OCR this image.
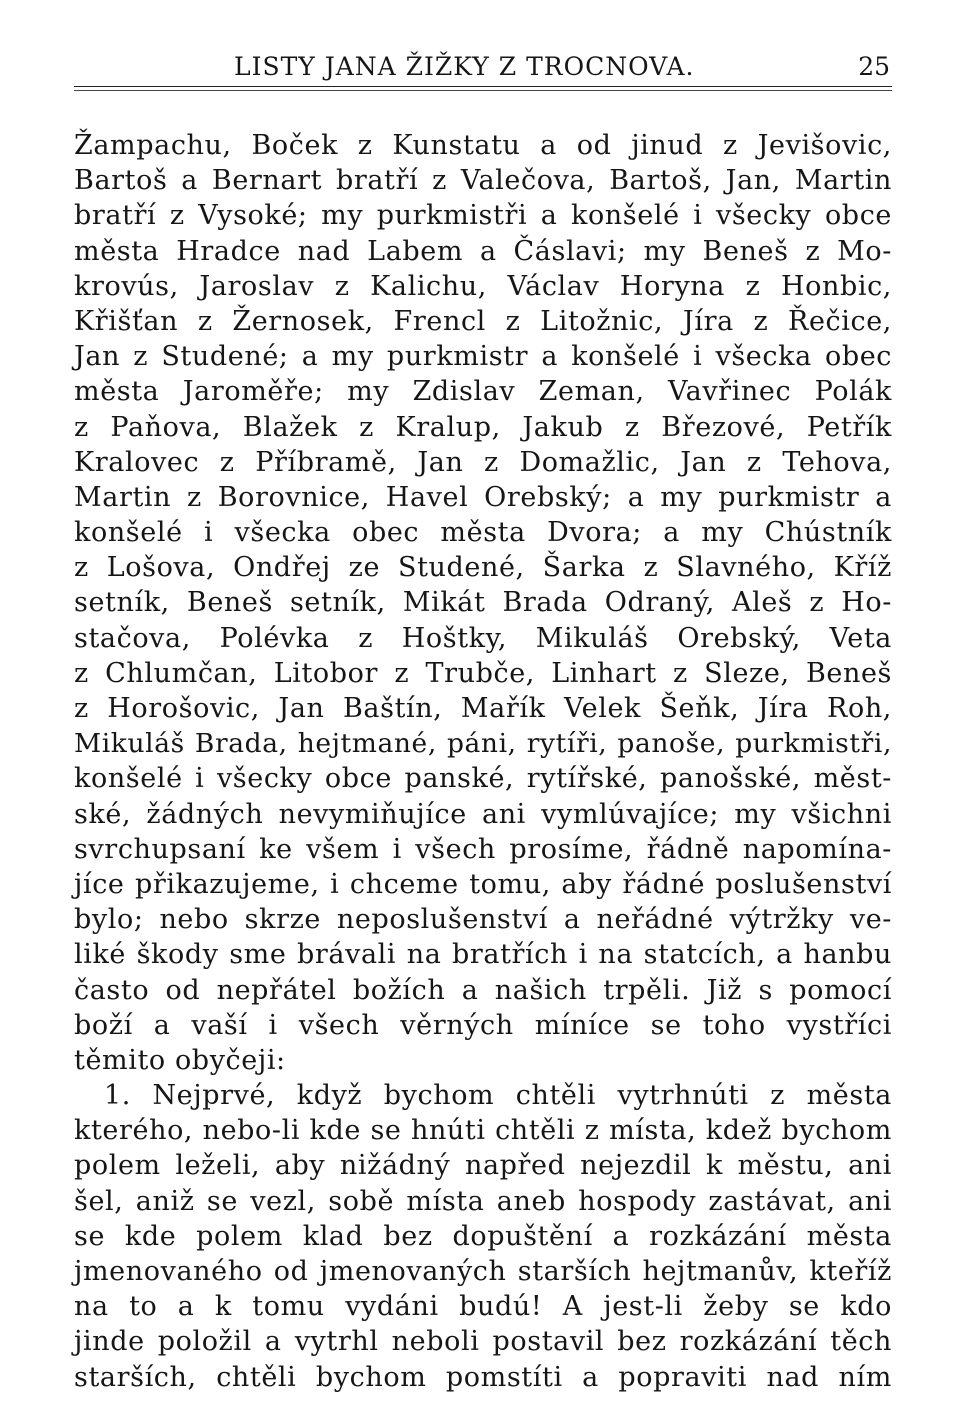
LISTY JANA ŽIŽKY Z TROCNOVA.	25
Žampachu, Boček z Kunstatu a od jinud z Jevišovic,
Bartoš a Bernart bratří z Valečova, Bartoš, Jan, Martin
bratří z Vysoké; my purkmistři a konšelé i všecky obce
města Hradce nad Labem a Čáslavi; my Beneš z Mo-
krovús, Jaroslav z Kalichu, Václav Horyna z Honbic,
Křišťan z Žernosek, Frencl z Litožnic, Jíra z Řečice,
Jan z Studené; a my purkmistr a konšelé i všecka obec
města Jaroměře; my Zdislav Zeman, Vavřinec Polák
z Paňova, Blažek z Kralup, Jakub z Březové, Petřík
Kralovec z Příbramě, Jan z Domažlic, Jan z Tehova,
Martin z Borovnice, Havel Orebský; a my purkmistr a
konšelé i všecka obec města Dvora; a my Chústník
z Lošova, Ondřej ze Studené, Šarka z Slavného, Kříž
setník, Beneš setník, Mikát Brada Odraný, Aleš z Ho-
stačova, Polévka z Hoštky, Mikuláš Orebský, Veta
z Chlumčan, Litobor z Trubče, Linhart z Sleze, Beneš
z Horošovic, Jan Baštín, Mařík Velek Šeňk, Jíra Roh,
Mikuláš Brada, hejtmané, páni, rytíři, panoše, purkmistři,
konšelé i všecky obce panské, rytířské, panošské, měst-
ské, žádných nevymiňujíce ani vymlúvajíce; my všichni
svrchupsaní ke všem i všech prosíme, řádně napomína-
jíce přikazujeme, i chceme tomu, aby řádné poslušenství
bylo; nebo skrze neposlušenství a neřádné výtržky ve-
liké škody sme brávali na bratřích i na statcích, a hanbu
často od nepřátel božích a našich trpěli. Již s pomocí
boží a vaší i všech věrných míníce se toho vystříci
těmito obyčeji:
1. Nejprvé, když bychom chtěli vytrhnúti z města
kterého, nebo-li kde se hnúti chtěli z místa, kdež bychom
polem leželi, aby nižádný napřed nejezdil k městu, ani
šel, aniž se vezl, sobě místa aneb hospody zastávat, ani
se kde polem klad bez dopuštění a rozkázání města
jmenovaného od jmenovaných starších hejtmanův, kteříž
na to a k tomu vydáni budú! A jest-li žeby se kdo
jinde položil a vytrhl neboli postavil bez rozkázání těch
starších, chtěli bychom pomstíti a popraviti nad ním
